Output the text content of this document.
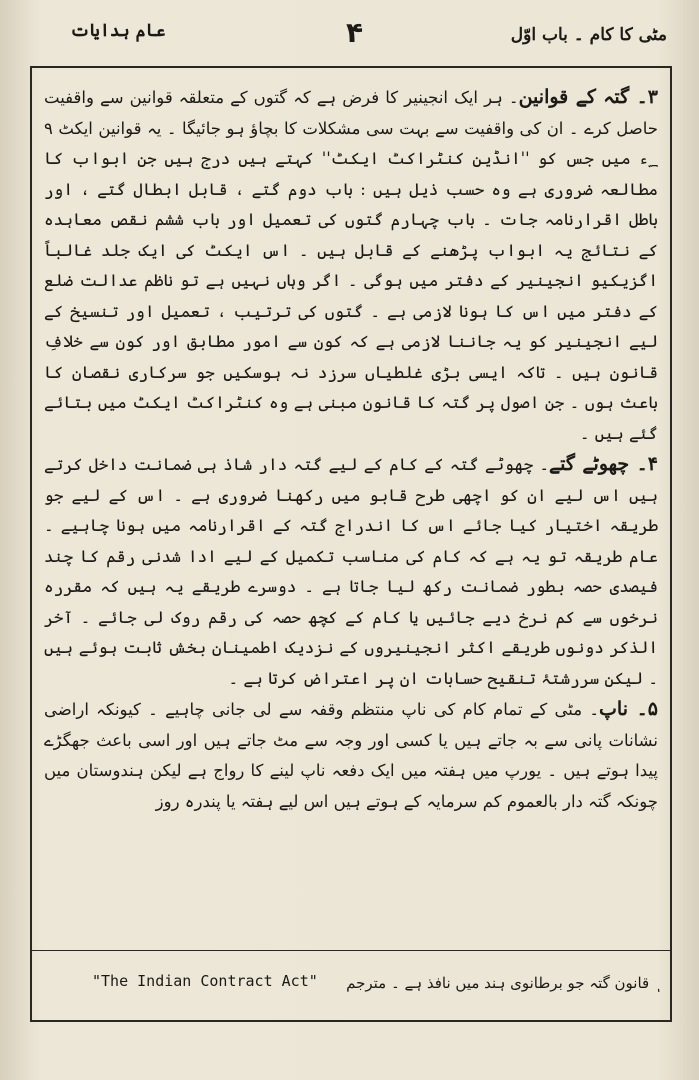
مٹی کا کام ۔ باب اوّل
۴
عام ہدایات

۳۔ گتہ کے قوانین۔ ہر ایک انجینیر کا فرض ہے کہ گتوں کے متعلقہ قوانین سے واقفیت حاصل کرے ۔ ان کی واقفیت سے بہت سی مشکلات کا بچاؤ ہو جائیگا ۔ یہ قوانین ایکٹ ۹ ؁ء میں جس کو ''انڈین کنٹراکٹ ایکٹ'' کہتے ہیں درج ہیں جن ابواب کا مطالعہ ضروری ہے وہ حسب ذیل ہیں : باب دوم گتے ، قابل ابطال گتے ، اور باطل اقرارنامہ جات ۔ باب چہارم گتوں کی تعمیل اور باب ششم نقص معاہدہ کے نتائج یہ ابواب پڑھنے کے قابل ہیں ۔ اس ایکٹ کی ایک جلد غالباً اگزیکیو انجینیر کے دفتر میں ہوگی ۔ اگر وہاں نہیں ہے تو ناظم عدالت ضلع کے دفتر میں اس کا ہونا لازمی ہے ۔ گتوں کی ترتیب ، تعمیل اور تنسیخ کے لیے انجینیر کو یہ جاننا لازمی ہے کہ کون سے امور مطابق اور کون سے خلافِ قانون ہیں ۔ تاکہ ایسی بڑی غلطیاں سرزد نہ ہوسکیں جو سرکاری نقصان کا باعث ہوں ۔ جن اصول پر گتہ کا قانون مبنی ہے وہ کنٹراکٹ ایکٹ میں بتائے گئے ہیں ۔

۴۔ چھوٹے گتے۔ چھوٹے گتہ کے کام کے لیے گتہ دار شاذ ہی ضمانت داخل کرتے ہیں اس لیے ان کو اچھی طرح قابو میں رکھنا ضروری ہے ۔ اس کے لیے جو طریقہ اختیار کیا جائے اس کا اندراج گتہ کے اقرارنامہ میں ہونا چاہیے ۔ عام طریقہ تو یہ ہے کہ کام کی مناسب تکمیل کے لیے ادا شدنی رقم کا چند فیصدی حصہ بطور ضمانت رکھ لیا جاتا ہے ۔ دوسرے طریقے یہ ہیں کہ مقررہ نرخوں سے کم نرخ دیے جائیں یا کام کے کچھ حصہ کی رقم روک لی جائے ۔ آخر الذکر دونوں طریقے اکثر انجینیروں کے نزدیک اطمینان بخش ثابت ہوئے ہیں ۔ لیکن سررشتۂ تنقیح حسابات ان پر اعتراض کرتا ہے ۔

۵۔ ناپ۔ مٹی کے تمام کام کی ناپ منتظم وقفہ سے لی جانی چاہیے ۔ کیونکہ اراضی نشانات پانی سے بہ جاتے ہیں یا کسی اور وجہ سے مٹ جاتے ہیں اور اسی باعث جھگڑے پیدا ہوتے ہیں ۔ یورپ میں ہفتہ میں ایک دفعہ ناپ لینے کا رواج ہے لیکن ہندوستان میں چونکہ گتہ دار بالعموم کم سرمایہ کے ہوتے ہیں اس لیے ہفتہ یا پندرہ روز

ٖ قانون گتہ جو برطانوی ہند میں نافذ ہے ۔ مترجم
"The Indian Contract Act"
